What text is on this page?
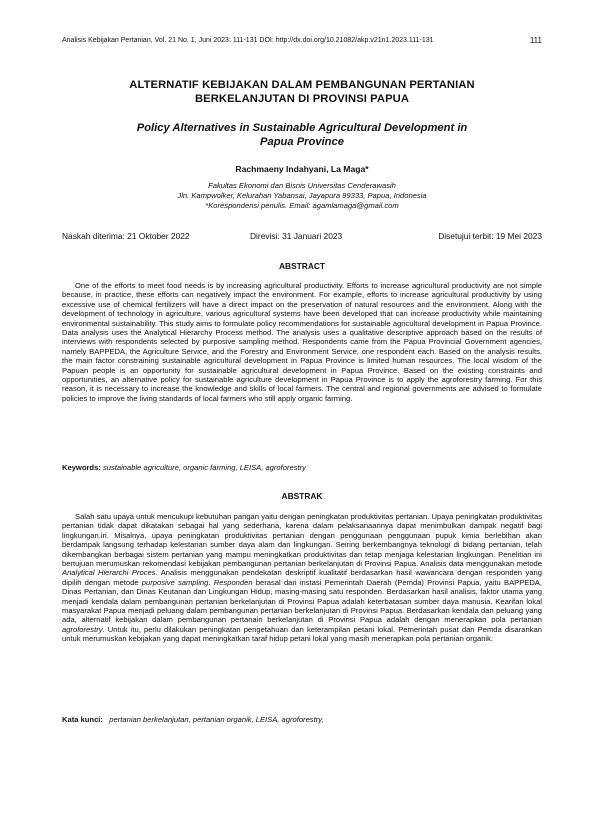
Analisis Kebijakan Pertanian, Vol. 21 No. 1, Juni 2023: 111-131 DOI: http://dx.doi.org/10.21082/akp.v21n1.2023.111-131	111
ALTERNATIF KEBIJAKAN DALAM PEMBANGUNAN PERTANIAN
BERKELANJUTAN DI PROVINSI PAPUA
Policy Alternatives in Sustainable Agricultural Development in
Papua Province
Rachmaeny Indahyani, La Maga*
Fakultas Ekonomi dan Bisnis Universitas Cenderawasih
Jln. Kampwolker, Kelurahan Yabansai, Jayapura 99333, Papua, Indonesia
*Korespondensi penulis. Email: agamlamaga@gmail.com
Naskah diterima: 21 Oktober 2022	Direvisi: 31 Januari 2023	Disetujui terbit: 19 Mei 2023
ABSTRACT

One of the efforts to meet food needs is by increasing agricultural productivity. Efforts to increase agricultural productivity are not simple because, in practice, these efforts can negatively impact the environment. For example, efforts to increase agricultural productivity by using excessive use of chemical fertilizers will have a direct impact on the preservation of natural resources and the environment. Along with the development of technology in agriculture, various agricultural systems have been developed that can increase productivity while maintaining environmental sustainability. This study aims to formulate policy recommendations for sustainable agricultural development in Papua Province. Data analysis uses the Analytical Hierarchy Process method. The analysis uses a qualitative descriptive approach based on the results of interviews with respondents selected by purposive sampling method. Respondents came from the Papua Provincial Government agencies, namely BAPPEDA, the Agriculture Service, and the Forestry and Environment Service, one respondent each. Based on the analysis results, the main factor constraining sustainable agricultural development in Papua Province is limited human resources. The local wisdom of the Papuan people is an opportunity for sustainable agricultural development in Papua Province. Based on the existing constraints and opportunities, an alternative policy for sustainable agriculture development in Papua Province is to apply the agroforestry farming. For this reason, it is necessary to increase the knowledge and skills of local farmers. The central and regional governments are advised to formulate policies to improve the living standards of local farmers who still apply organic farming.

Keywords: sustainable agriculture, organic farming, LEISA, agroforestry
ABSTRAK

Salah satu upaya untuk mencukupi kebutuhan pangan yaitu dengan peningkatan produktivitas pertanian. Upaya peningkatan produktivitas pertanian tidak dapat dikatakan sebagai hal yang sederhana, karena dalam pelaksanaannya dapat menimbulkan dampak negatif bagi lingkungan.iri. Misalnya, upaya peningkatan produktivitas pertanian dengan penggunaan penggunaan pupuk kimia berlebihan akan berdampak langsung terhadap kelestarian sumber daya alam dan lingkungan. Seiring berkembangnya teknologi di bidang pertanian, telah dikembangkan berbagai sistem pertanian yang mampu meningkatkan produktivitas dan tetap menjaga kelestarian lingkungan. Penelitian ini bertujuan merumuskan rekomendasi kebijakan pembangunan pertanian berkelanjutan di Provinsi Papua. Analisis data menggunakan metode Analytical Hierarchi Proces. Analisis menggunakan pendekatan deskriptif kualitatif berdasarkan hasil wawancara dengan responden yang dipilih dengan metode purposive sampling. Responden berasal dari instasi Pemerintah Daerah (Pemda) Provinsi Papua, yaitu BAPPEDA, Dinas Pertanian, dan Dinas Keutanan dan Lingkungan Hidup, masing-masing satu responden. Berdasarkan hasil analisis, faktor utama yang menjadi kendala dalam pembangunan pertanian berkelanjutan di Provinsi Papua adalah keterbatasan sumber daya manusia. Kearifan lokal masyarakat Papua menjadi peluang dalam pembangunan pertanian berkelanjutan di Provinsi Papua. Berdasarkan kendala dan peluang yang ada, alternatif kebijakan dalam pembangunan pertanain berkelanjutan di Provinsi Papua adalah dengan menerapkan pola pertanian agroforestry. Untuk itu, perlu dilakukan peningkatan pengetahuan dan keterampilan petani lokal. Pemerintah pusat dan Pemda disarankan untuk merumuskan kebijakan yang dapat meningkatkan taraf hidup petani lokal yang masih menerapkan pola pertanian organik.

Kata kunci: pertanian berkelanjutan, pertanian organik, LEISA, agroforestry,
